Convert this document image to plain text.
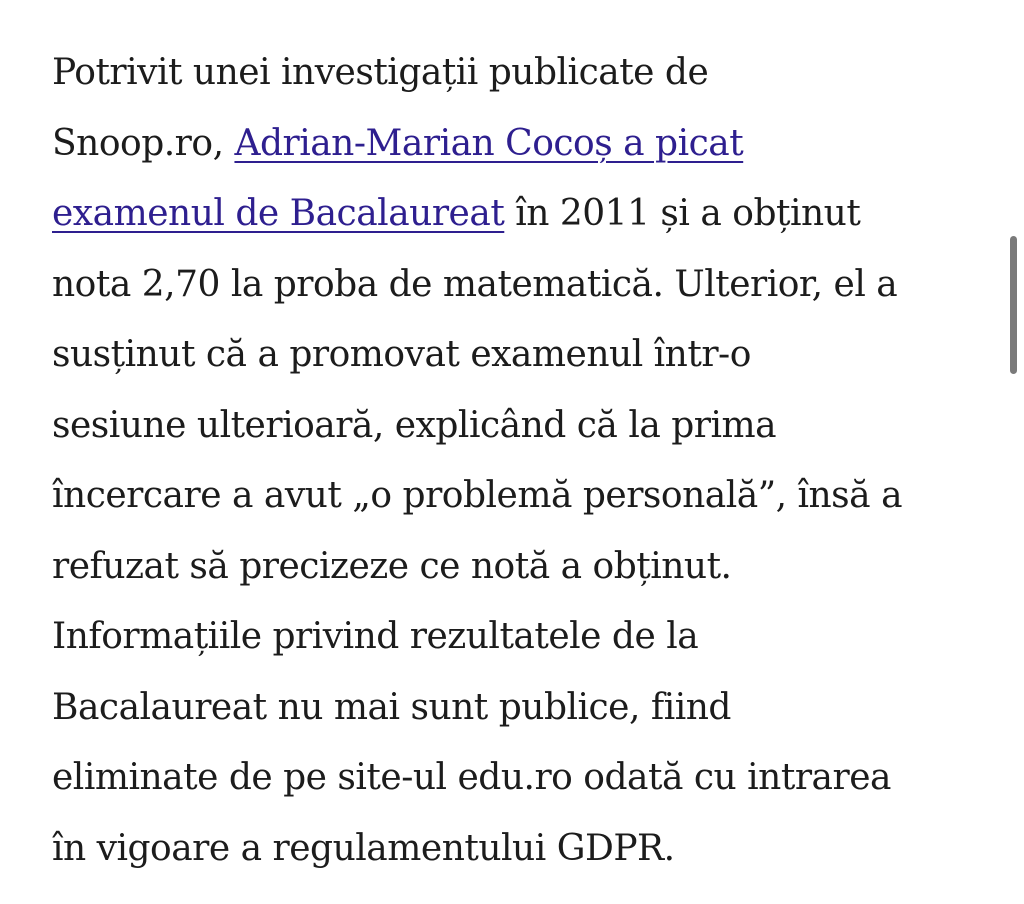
Potrivit unei investigații publicate de
Snoop.ro, Adrian-Marian Cocoș a picat
examenul de Bacalaureat în 2011 și a obținut
nota 2,70 la proba de matematică. Ulterior, el a
susținut că a promovat examenul într-o
sesiune ulterioară, explicând că la prima
încercare a avut „o problemă personală”, însă a
refuzat să precizeze ce notă a obținut.
Informațiile privind rezultatele de la
Bacalaureat nu mai sunt publice, fiind
eliminate de pe site-ul edu.ro odată cu intrarea
în vigoare a regulamentului GDPR.
